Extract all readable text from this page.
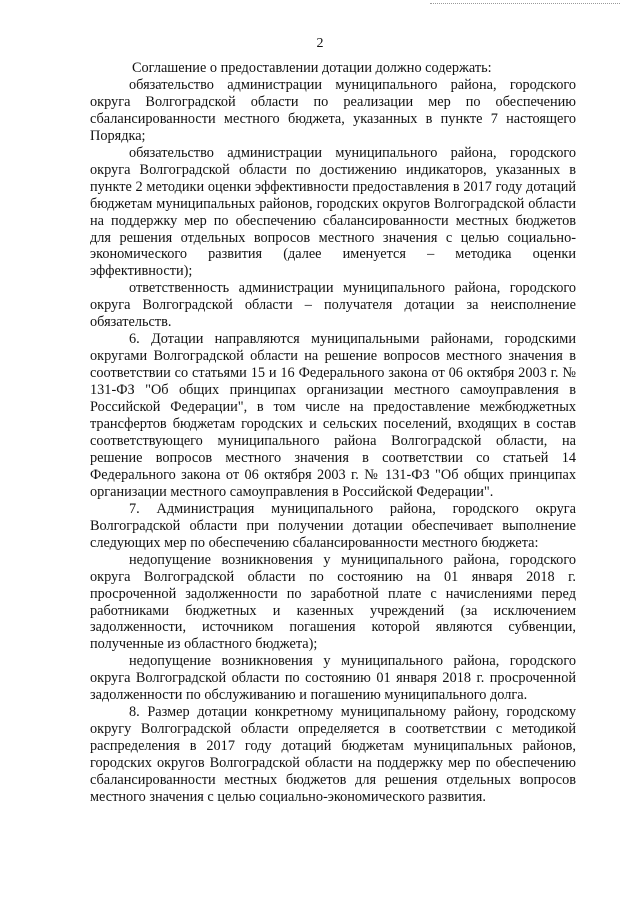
2

Соглашение о предоставлении дотации должно содержать:

обязательство администрации муниципального района, городского округа Волгоградской области по реализации мер по обеспечению сбалансированности местного бюджета, указанных в пункте 7 настоящего Порядка;

обязательство администрации муниципального района, городского округа Волгоградской области по достижению индикаторов, указанных в пункте 2 методики оценки эффективности предоставления в 2017 году дотаций бюджетам муниципальных районов, городских округов Волгоградской области на поддержку мер по обеспечению сбалансированности местных бюджетов для решения отдельных вопросов местного значения с целью социально-экономического развития (далее именуется – методика оценки эффективности);

ответственность администрации муниципального района, городского округа Волгоградской области – получателя дотации за неисполнение обязательств.

6. Дотации направляются муниципальными районами, городскими округами Волгоградской области на решение вопросов местного значения в соответствии со статьями 15 и 16 Федерального закона от 06 октября 2003 г. № 131-ФЗ "Об общих принципах организации местного самоуправления в Российской Федерации", в том числе на предоставление межбюджетных трансфертов бюджетам городских и сельских поселений, входящих в состав соответствующего муниципального района Волгоградской области, на решение вопросов местного значения в соответствии со статьей 14 Федерального закона от 06 октября 2003 г. № 131-ФЗ "Об общих принципах организации местного самоуправления в Российской Федерации".

7. Администрация муниципального района, городского округа Волгоградской области при получении дотации обеспечивает выполнение следующих мер по обеспечению сбалансированности местного бюджета:

недопущение возникновения у муниципального района, городского округа Волгоградской области по состоянию на 01 января 2018 г. просроченной задолженности по заработной плате с начислениями перед работниками бюджетных и казенных учреждений (за исключением задолженности, источником погашения которой являются субвенции, полученные из областного бюджета);

недопущение возникновения у муниципального района, городского округа Волгоградской области по состоянию 01 января 2018 г. просроченной задолженности по обслуживанию и погашению муниципального долга.

8. Размер дотации конкретному муниципальному району, городскому округу Волгоградской области определяется в соответствии с методикой распределения в 2017 году дотаций бюджетам муниципальных районов, городских округов Волгоградской области на поддержку мер по обеспечению сбалансированности местных бюджетов для решения отдельных вопросов местного значения с целью социально-экономического развития.
